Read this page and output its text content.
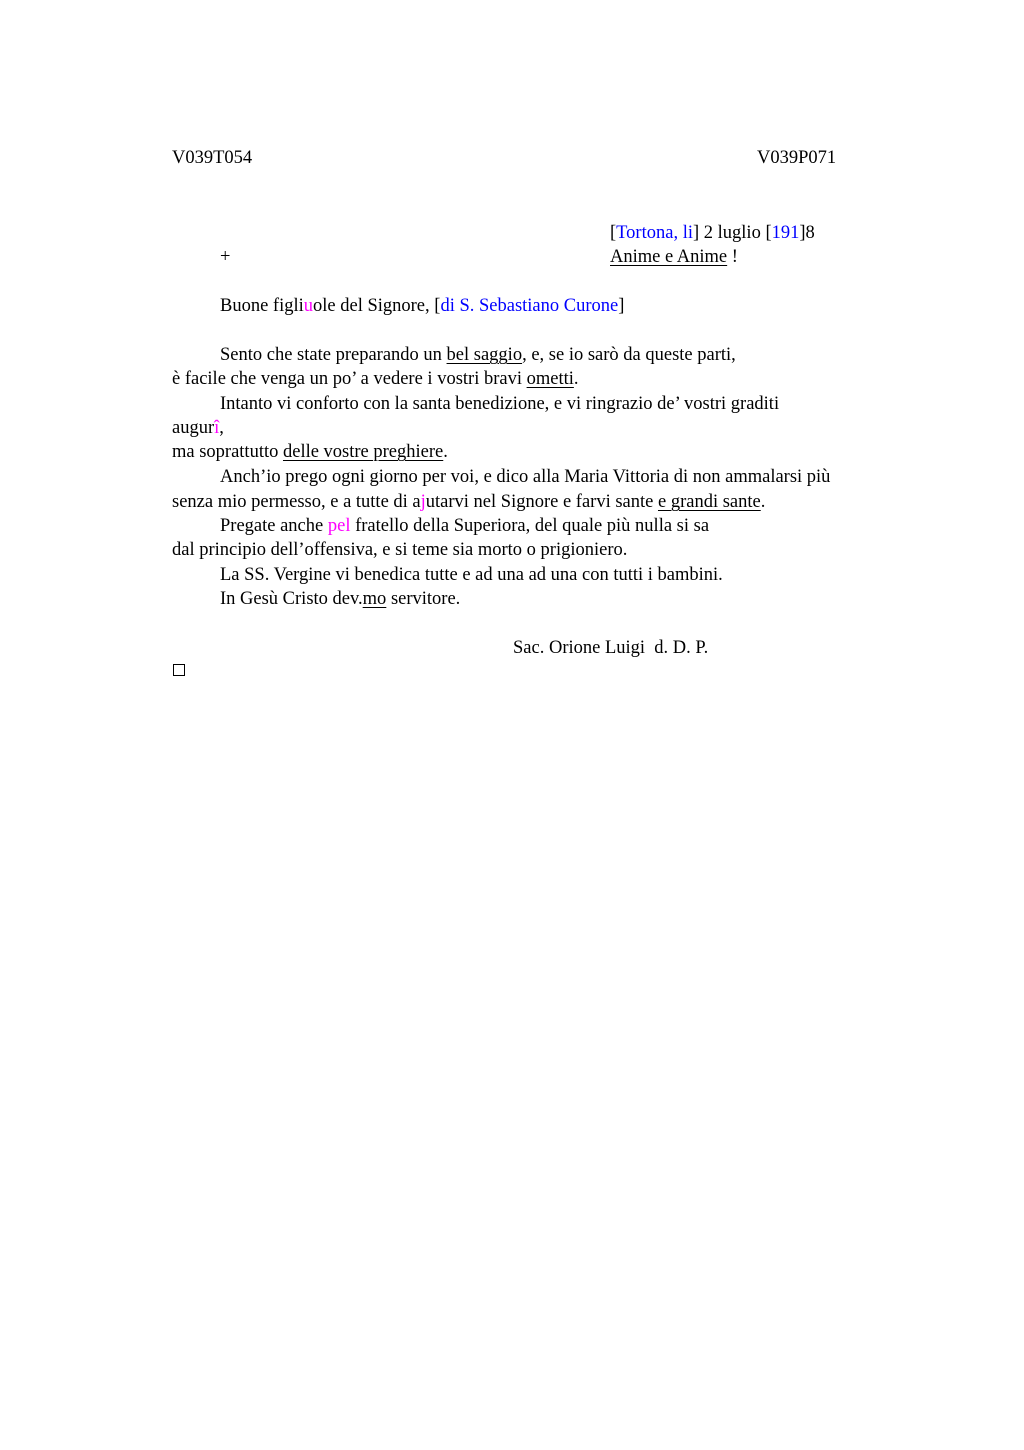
V039T054	V039P071
[Tortona, li] 2 luglio [191]8
+	Anime e Anime !
Buone figliuole del Signore, [di S. Sebastiano Curone]
Sento che state preparando un bel saggio, e, se io sarò da queste parti,
è facile che venga un po’ a vedere i vostri bravi ometti.
Intanto vi conforto con la santa benedizione, e vi ringrazio de’ vostri graditi
augurî,
ma soprattutto delle vostre preghiere.
Anch’io prego ogni giorno per voi, e dico alla Maria Vittoria di non ammalarsi più
senza mio permesso, e a tutte di ajutarvi nel Signore e farvi sante e grandi sante.
Pregate anche pel fratello della Superiora, del quale più nulla si sa
dal principio dell’offensiva, e si teme sia morto o prigioniero.
La SS. Vergine vi benedica tutte e ad una ad una con tutti i bambini.
In Gesù Cristo dev.mo servitore.
Sac. Orione Luigi  d. D. P.
